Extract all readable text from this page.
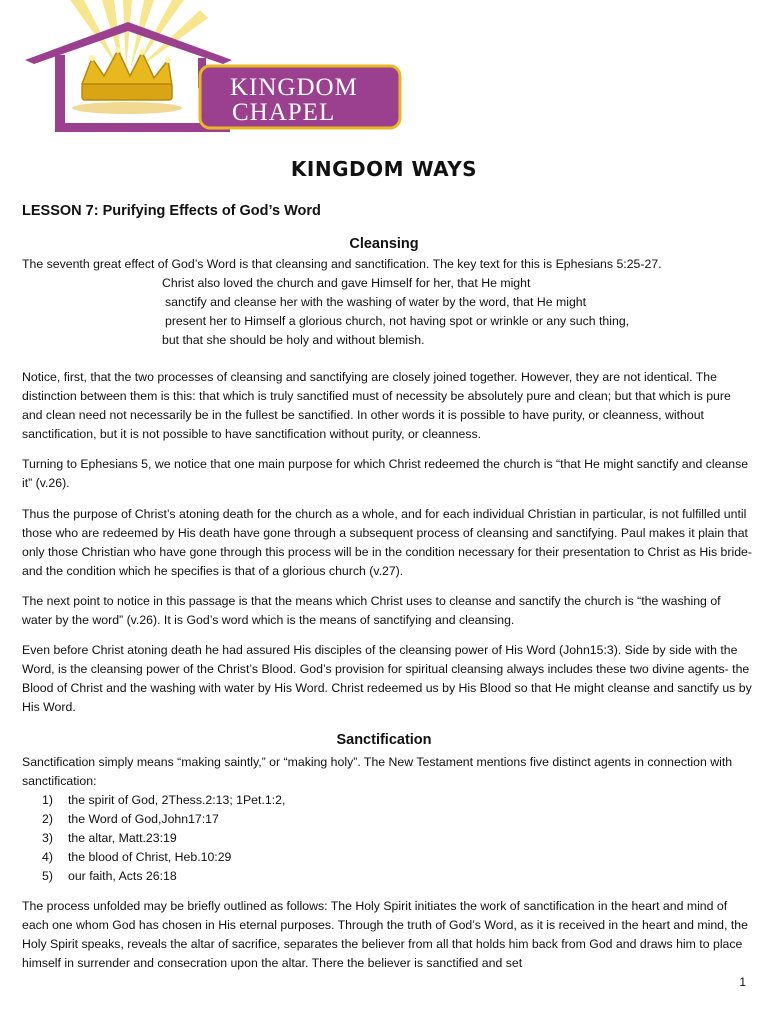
KINGDOM
CHAPEL
KINGDOM WAYS
LESSON 7: Purifying Effects of God’s Word
Cleansing
The seventh great effect of God’s Word is that cleansing and sanctification. The key text for this is Ephesians 5:25-27.
Christ also loved the church and gave Himself for her, that He might
sanctify and cleanse her with the washing of water by the word, that He might
present her to Himself a glorious church, not having spot or wrinkle or any such thing,
but that she should be holy and without blemish.
Notice, first, that the two processes of cleansing and sanctifying are closely joined together. However, they are not identical. The distinction between them is this: that which is truly sanctified must of necessity be absolutely pure and clean; but that which is pure and clean need not necessarily be in the fullest be sanctified. In other words it is possible to have purity, or cleanness, without sanctification, but it is not possible to have sanctification without purity, or cleanness.
Turning to Ephesians 5, we notice that one main purpose for which Christ redeemed the church is “that He might sanctify and cleanse it” (v.26).
Thus the purpose of Christ’s atoning death for the church as a whole, and for each individual Christian in particular, is not fulfilled until those who are redeemed by His death have gone through a subsequent process of cleansing and sanctifying. Paul makes it plain that only those Christian who have gone through this process will be in the condition necessary for their presentation to Christ as His bride- and the condition which he specifies is that of a glorious church (v.27).
The next point to notice in this passage is that the means which Christ uses to cleanse and sanctify the church is “the washing of water by the word” (v.26). It is God’s word which is the means of sanctifying and cleansing.
Even before Christ atoning death he had assured His disciples of the cleansing power of His Word (John15:3). Side by side with the Word, is the cleansing power of the Christ’s Blood. God’s provision for spiritual cleansing always includes these two divine agents- the Blood of Christ and the washing with water by His Word. Christ redeemed us by His Blood so that He might cleanse and sanctify us by His Word.
Sanctification
Sanctification simply means “making saintly,” or “making holy”. The New Testament mentions five distinct agents in connection with sanctification:
1) the spirit of God, 2Thess.2:13; 1Pet.1:2,
2) the Word of God,John17:17
3) the altar, Matt.23:19
4) the blood of Christ, Heb.10:29
5) our faith, Acts 26:18
The process unfolded may be briefly outlined as follows: The Holy Spirit initiates the work of sanctification in the heart and mind of each one whom God has chosen in His eternal purposes. Through the truth of God’s Word, as it is received in the heart and mind, the Holy Spirit speaks, reveals the altar of sacrifice, separates the believer from all that holds him back from God and draws him to place himself in surrender and consecration upon the altar. There the believer is sanctified and set
1
